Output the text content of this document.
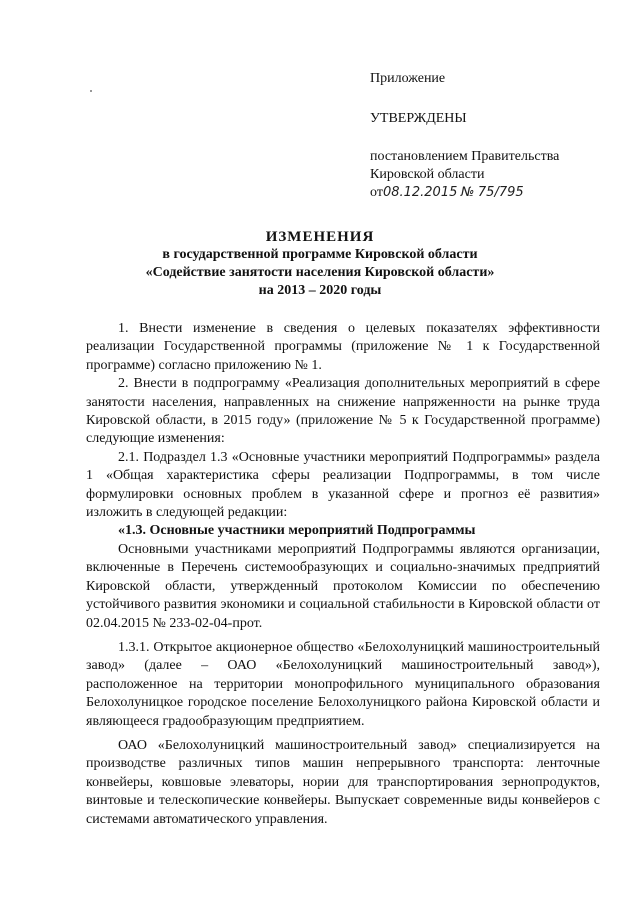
Приложение
УТВЕРЖДЕНЫ
постановлением Правительства
Кировской области
от08.12.2015 № 75/795
ИЗМЕНЕНИЯ
в государственной программе Кировской области
«Содействие занятости населения Кировской области»
на 2013 – 2020 годы

1. Внести изменение в сведения о целевых показателях эффективности реализации Государственной программы (приложение № 1 к Государственной программе) согласно приложению № 1.

2. Внести в подпрограмму «Реализация дополнительных мероприятий в сфере занятости населения, направленных на снижение напряженности на рынке труда Кировской области, в 2015 году» (приложение № 5 к Государственной программе) следующие изменения:

2.1. Подраздел 1.3 «Основные участники мероприятий Подпрограммы» раздела 1 «Общая характеристика сферы реализации Подпрограммы, в том числе формулировки основных проблем в указанной сфере и прогноз её развития» изложить в следующей редакции:

«1.3. Основные участники мероприятий Подпрограммы

Основными участниками мероприятий Подпрограммы являются организации, включенные в Перечень системообразующих и социально-значимых предприятий Кировской области, утвержденный протоколом Комиссии по обеспечению устойчивого развития экономики и социальной стабильности в Кировской области от 02.04.2015 № 233-02-04-прот.

1.3.1. Открытое акционерное общество «Белохолуницкий машиностроительный завод» (далее – ОАО «Белохолуницкий машиностроительный завод»), расположенное на территории монопрофильного муниципального образования Белохолуницкое городское поселение Белохолуницкого района Кировской области и являющееся градообразующим предприятием.

ОАО «Белохолуницкий машиностроительный завод» специализируется на производстве различных типов машин непрерывного транспорта: ленточные конвейеры, ковшовые элеваторы, нории для транспортирования зернопродуктов, винтовые и телескопические конвейеры. Выпускает современные виды конвейеров с системами автоматического управления.
